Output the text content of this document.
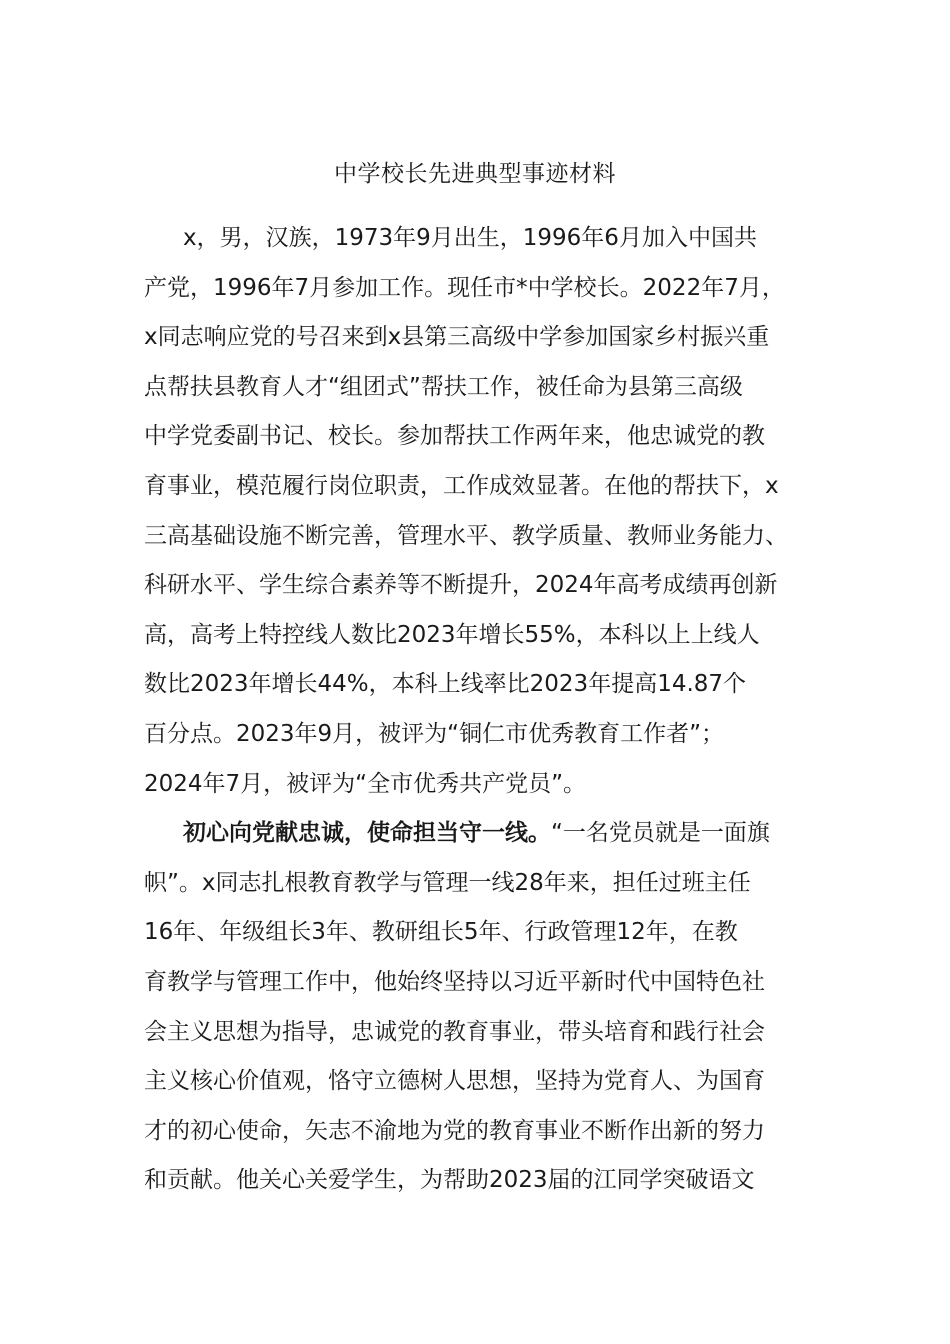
中学校长先进典型事迹材料
x，男，汉族，1973年9月出生，1996年6月加入中国共
产党，1996年7月参加工作。现任市*中学校长。2022年7月，
x同志响应党的号召来到x县第三高级中学参加国家乡村振兴重
点帮扶县教育人才“组团式”帮扶工作，被任命为县第三高级
中学党委副书记、校长。参加帮扶工作两年来，他忠诚党的教
育事业，模范履行岗位职责，工作成效显著。在他的帮扶下，x
三高基础设施不断完善，管理水平、教学质量、教师业务能力、
科研水平、学生综合素养等不断提升，2024年高考成绩再创新
高，高考上特控线人数比2023年增长55%，本科以上上线人
数比2023年增长44%，本科上线率比2023年提高14.87个
百分点。2023年9月，被评为“铜仁市优秀教育工作者”；
2024年7月，被评为“全市优秀共产党员”。
初心向党献忠诚，使命担当守一线。“一名党员就是一面旗
帜”。x同志扎根教育教学与管理一线28年来，担任过班主任
16年、年级组长3年、教研组长5年、行政管理12年，在教
育教学与管理工作中，他始终坚持以习近平新时代中国特色社
会主义思想为指导，忠诚党的教育事业，带头培育和践行社会
主义核心价值观，恪守立德树人思想，坚持为党育人、为国育
才的初心使命，矢志不渝地为党的教育事业不断作出新的努力
和贡献。他关心关爱学生，为帮助2023届的江同学突破语文
